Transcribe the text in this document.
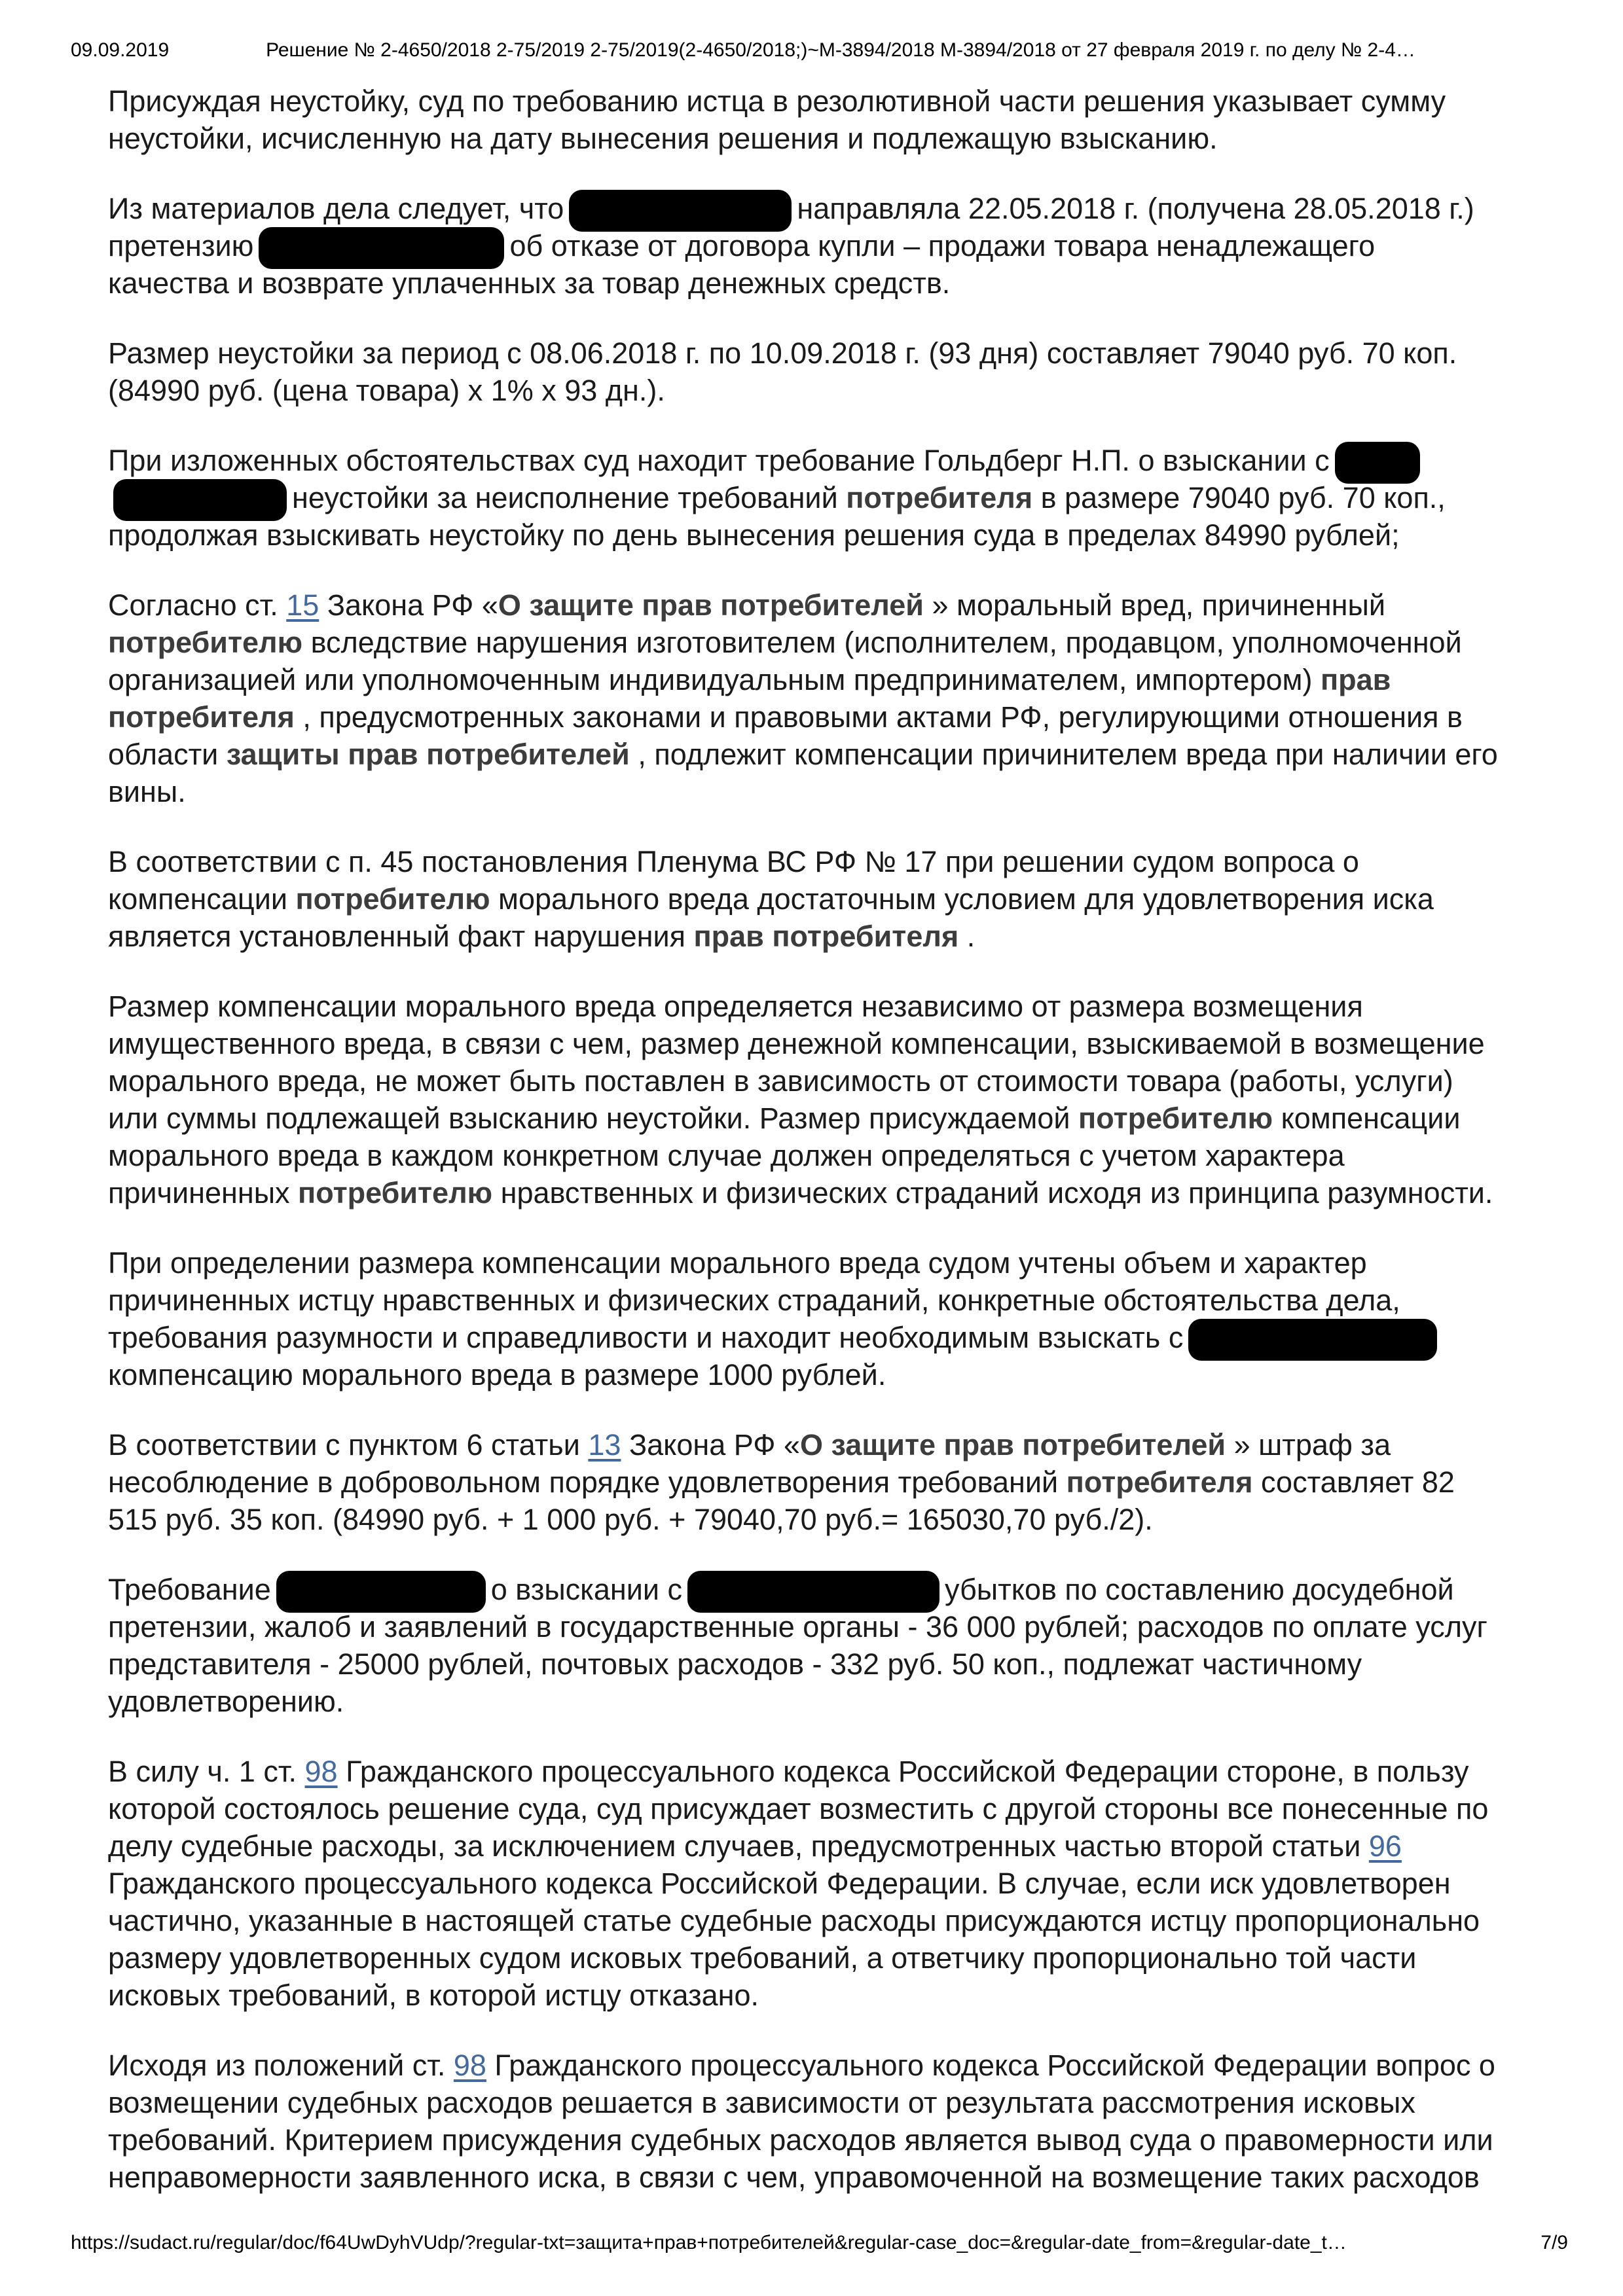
09.09.2019	Решение № 2-4650/2018 2-75/2019 2-75/2019(2-4650/2018;)~М-3894/2018 М-3894/2018 от 27 февраля 2019 г. по делу № 2-4…

Присуждая неустойку, суд по требованию истца в резолютивной части решения указывает сумму неустойки, исчисленную на дату вынесения решения и подлежащую взысканию.

Из материалов дела следует, что	направляла 22.05.2018 г. (получена 28.05.2018 г.) претензию	об отказе от договора купли – продажи товара ненадлежащего качества и возврате уплаченных за товар денежных средств.

Размер неустойки за период с 08.06.2018 г. по 10.09.2018 г. (93 дня) составляет 79040 руб. 70 коп. (84990 руб. (цена товара) х 1% х 93 дн.).

При изложенных обстоятельствах суд находит требование Гольдберг Н.П. о взыскании снеустойки за неисполнение требований потребителя в размере 79040 руб. 70 коп., продолжая взыскивать неустойку по день вынесения решения суда в пределах 84990 рублей;

Согласно ст. 15 Закона РФ «О защите прав потребителей » моральный вред, причиненный потребителю вследствие нарушения изготовителем (исполнителем, продавцом, уполномоченной организацией или уполномоченным индивидуальным предпринимателем, импортером) прав потребителя , предусмотренных законами и правовыми актами РФ, регулирующими отношения в области защиты прав потребителей , подлежит компенсации причинителем вреда при наличии его вины.

В соответствии с п. 45 постановления Пленума ВС РФ № 17 при решении судом вопроса о компенсации потребителю морального вреда достаточным условием для удовлетворения иска является установленный факт нарушения прав потребителя .

Размер компенсации морального вреда определяется независимо от размера возмещения имущественного вреда, в связи с чем, размер денежной компенсации, взыскиваемой в возмещение морального вреда, не может быть поставлен в зависимость от стоимости товара (работы, услуги) или суммы подлежащей взысканию неустойки. Размер присуждаемой потребителю компенсации морального вреда в каждом конкретном случае должен определяться с учетом характера причиненных потребителю нравственных и физических страданий исходя из принципа разумности.

При определении размера компенсации морального вреда судом учтены объем и характер причиненных истцу нравственных и физических страданий, конкретные обстоятельства дела, требования разумности и справедливости и находит необходимым взыскать скомпенсацию морального вреда в размере 1000 рублей.

В соответствии с пунктом 6 статьи 13 Закона РФ «О защите прав потребителей » штраф за несоблюдение в добровольном порядке удовлетворения требований потребителя составляет 82 515 руб. 35 коп. (84990 руб. + 1 000 руб. + 79040,70 руб.= 165030,70 руб./2).

Требование	о взыскании с	убытков по составлению досудебной претензии, жалоб и заявлений в государственные органы - 36 000 рублей; расходов по оплате услуг представителя - 25000 рублей, почтовых расходов - 332 руб. 50 коп., подлежат частичному удовлетворению.

В силу ч. 1 ст. 98 Гражданского процессуального кодекса Российской Федерации стороне, в пользу которой состоялось решение суда, суд присуждает возместить с другой стороны все понесенные по делу судебные расходы, за исключением случаев, предусмотренных частью второй статьи 96 Гражданского процессуального кодекса Российской Федерации. В случае, если иск удовлетворен частично, указанные в настоящей статье судебные расходы присуждаются истцу пропорционально размеру удовлетворенных судом исковых требований, а ответчику пропорционально той части исковых требований, в которой истцу отказано.

Исходя из положений ст. 98 Гражданского процессуального кодекса Российской Федерации вопрос о возмещении судебных расходов решается в зависимости от результата рассмотрения исковых требований. Критерием присуждения судебных расходов является вывод суда о правомерности или неправомерности заявленного иска, в связи с чем, управомоченной на возмещение таких расходов

https://sudact.ru/regular/doc/f64UwDyhVUdp/?regular-txt=защита+прав+потребителей&regular-case_doc=&regular-date_from=&regular-date_t…	7/9
